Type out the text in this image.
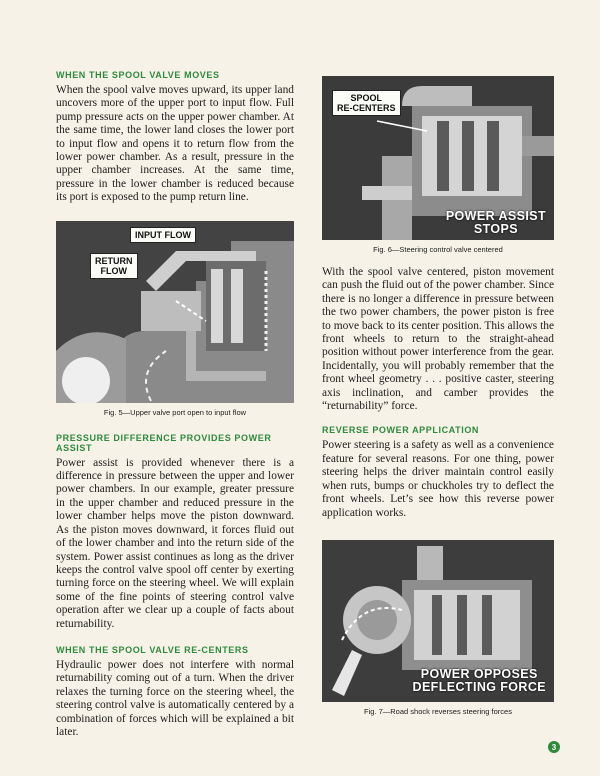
WHEN THE SPOOL VALVE MOVES

When the spool valve moves upward, its upper land uncovers more of the upper port to input flow. Full pump pressure acts on the upper power chamber. At the same time, the lower land closes the lower port to input flow and opens it to return flow from the lower power chamber. As a result, pressure in the upper chamber increases. At the same time, pressure in the lower chamber is reduced because its port is exposed to the pump return line.

INPUT FLOW
RETURN
FLOW
Fig. 5—Upper valve port open to input flow
PRESSURE DIFFERENCE PROVIDES POWER ASSIST

Power assist is provided whenever there is a difference in pressure between the upper and lower power chambers. In our example, greater pressure in the upper chamber and reduced pressure in the lower chamber helps move the piston downward. As the piston moves downward, it forces fluid out of the lower chamber and into the return side of the system. Power assist continues as long as the driver keeps the control valve spool off center by exerting turning force on the steering wheel. We will explain some of the fine points of steering control valve operation after we clear up a couple of facts about returnability.

WHEN THE SPOOL VALVE RE-CENTERS

Hydraulic power does not interfere with normal returnability coming out of a turn. When the driver relaxes the turning force on the steering wheel, the steering control valve is automatically centered by a combination of forces which will be explained a bit later.

SPOOL
RE-CENTERS
POWER ASSIST
STOPS
Fig. 6—Steering control valve centered

With the spool valve centered, piston movement can push the fluid out of the power chamber. Since there is no longer a difference in pressure between the two power chambers, the power piston is free to move back to its center position. This allows the front wheels to return to the straight-ahead position without power interference from the gear. Incidentally, you will probably remember that the front wheel geometry . . . positive caster, steering axis inclination, and camber provides the “returnability” force.

REVERSE POWER APPLICATION

Power steering is a safety as well as a convenience feature for several reasons. For one thing, power steering helps the driver maintain control easily when ruts, bumps or chuckholes try to deflect the front wheels. Let’s see how this reverse power application works.

POWER OPPOSES
DEFLECTING FORCE
Fig. 7—Road shock reverses steering forces
3
